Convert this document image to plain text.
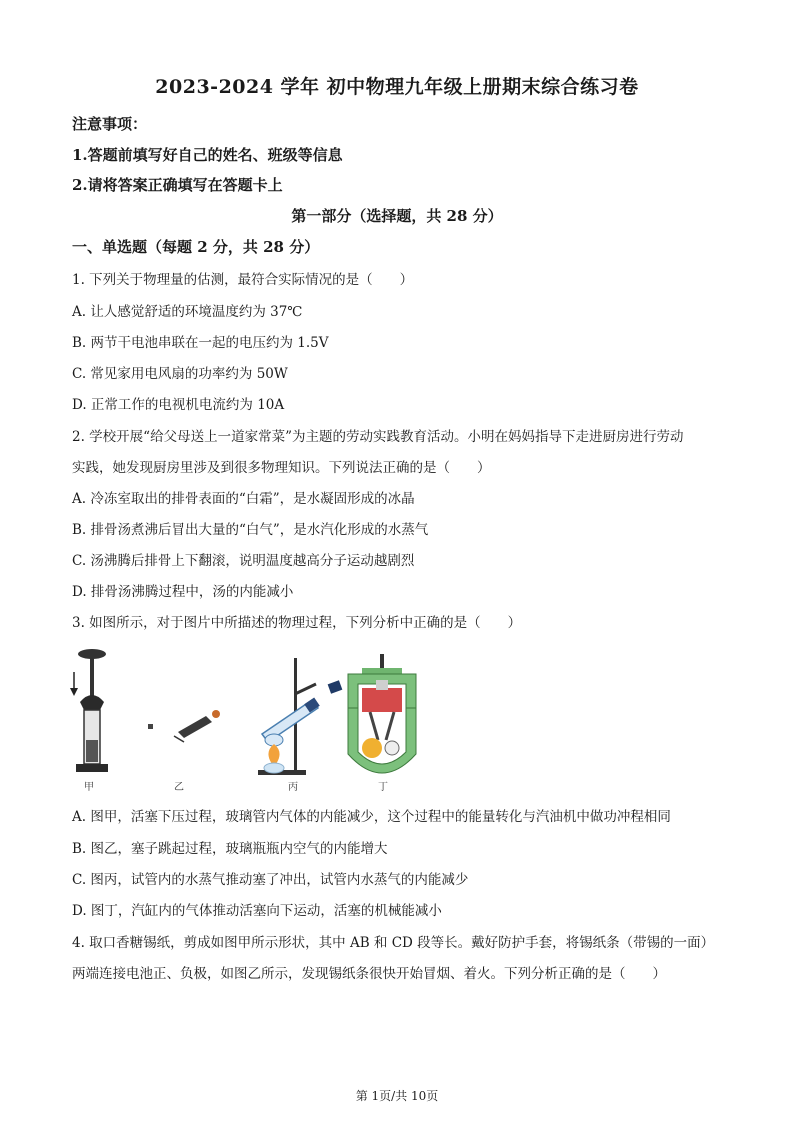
2023-2024 学年 初中物理九年级上册期末综合练习卷
注意事项：
1.答题前填写好自己的姓名、班级等信息
2.请将答案正确填写在答题卡上
第一部分（选择题，共 28 分）
一、单选题（每题 2 分，共 28 分）
1. 下列关于物理量的估测，最符合实际情况的是（　　）
A. 让人感觉舒适的环境温度约为 37℃
B. 两节干电池串联在一起的电压约为 1.5V
C. 常见家用电风扇的功率约为 50W
D. 正常工作的电视机电流约为 10A
2. 学校开展“给父母送上一道家常菜”为主题的劳动实践教育活动。小明在妈妈指导下走进厨房进行劳动
实践，她发现厨房里涉及到很多物理知识。下列说法正确的是（　　）
A. 冷冻室取出的排骨表面的“白霜”，是水凝固形成的冰晶
B. 排骨汤煮沸后冒出大量的“白气”，是水汽化形成的水蒸气
C. 汤沸腾后排骨上下翻滚，说明温度越高分子运动越剧烈
D. 排骨汤沸腾过程中，汤的内能减小
3. 如图所示，对于图片中所描述的物理过程，下列分析中正确的是（　　）
甲	乙	丙	丁
A. 图甲，活塞下压过程，玻璃管内气体的内能减少，这个过程中的能量转化与汽油机中做功冲程相同
B. 图乙，塞子跳起过程，玻璃瓶瓶内空气的内能增大
C. 图丙，试管内的水蒸气推动塞了冲出，试管内水蒸气的内能减少
D. 图丁，汽缸内的气体推动活塞向下运动，活塞的机械能减小
4. 取口香糖锡纸，剪成如图甲所示形状，其中 AB 和 CD 段等长。戴好防护手套，将锡纸条（带锡的一面）
两端连接电池正、负极，如图乙所示，发现锡纸条很快开始冒烟、着火。下列分析正确的是（　　）
第 1页/共 10页
